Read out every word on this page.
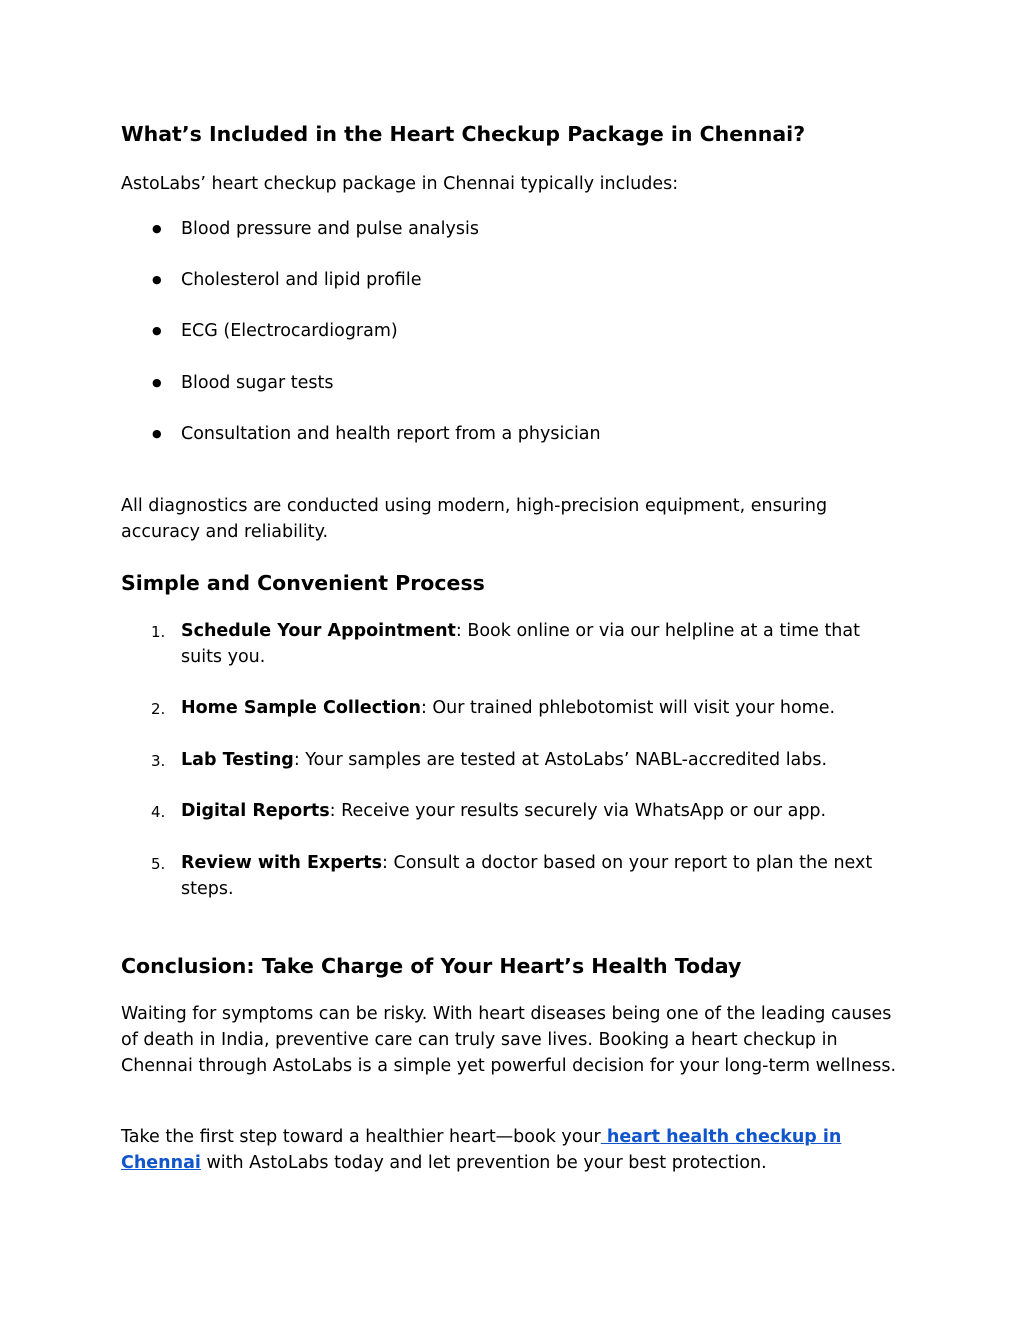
What’s Included in the Heart Checkup Package in Chennai?

AstoLabs’ heart checkup package in Chennai typically includes:

● Blood pressure and pulse analysis
● Cholesterol and lipid profile
● ECG (Electrocardiogram)
● Blood sugar tests
● Consultation and health report from a physician

All diagnostics are conducted using modern, high-precision equipment, ensuring accuracy and reliability.

Simple and Convenient Process
1. Schedule Your Appointment: Book online or via our helpline at a time that suits you.
2. Home Sample Collection: Our trained phlebotomist will visit your home.
3. Lab Testing: Your samples are tested at AstoLabs’ NABL-accredited labs.
4. Digital Reports: Receive your results securely via WhatsApp or our app.
5. Review with Experts: Consult a doctor based on your report to plan the next steps.
Conclusion: Take Charge of Your Heart’s Health Today

Waiting for symptoms can be risky. With heart diseases being one of the leading causes of death in India, preventive care can truly save lives. Booking a heart checkup in Chennai through AstoLabs is a simple yet powerful decision for your long-term wellness.

Take the first step toward a healthier heart—book your heart health checkup in Chennai with AstoLabs today and let prevention be your best protection.
